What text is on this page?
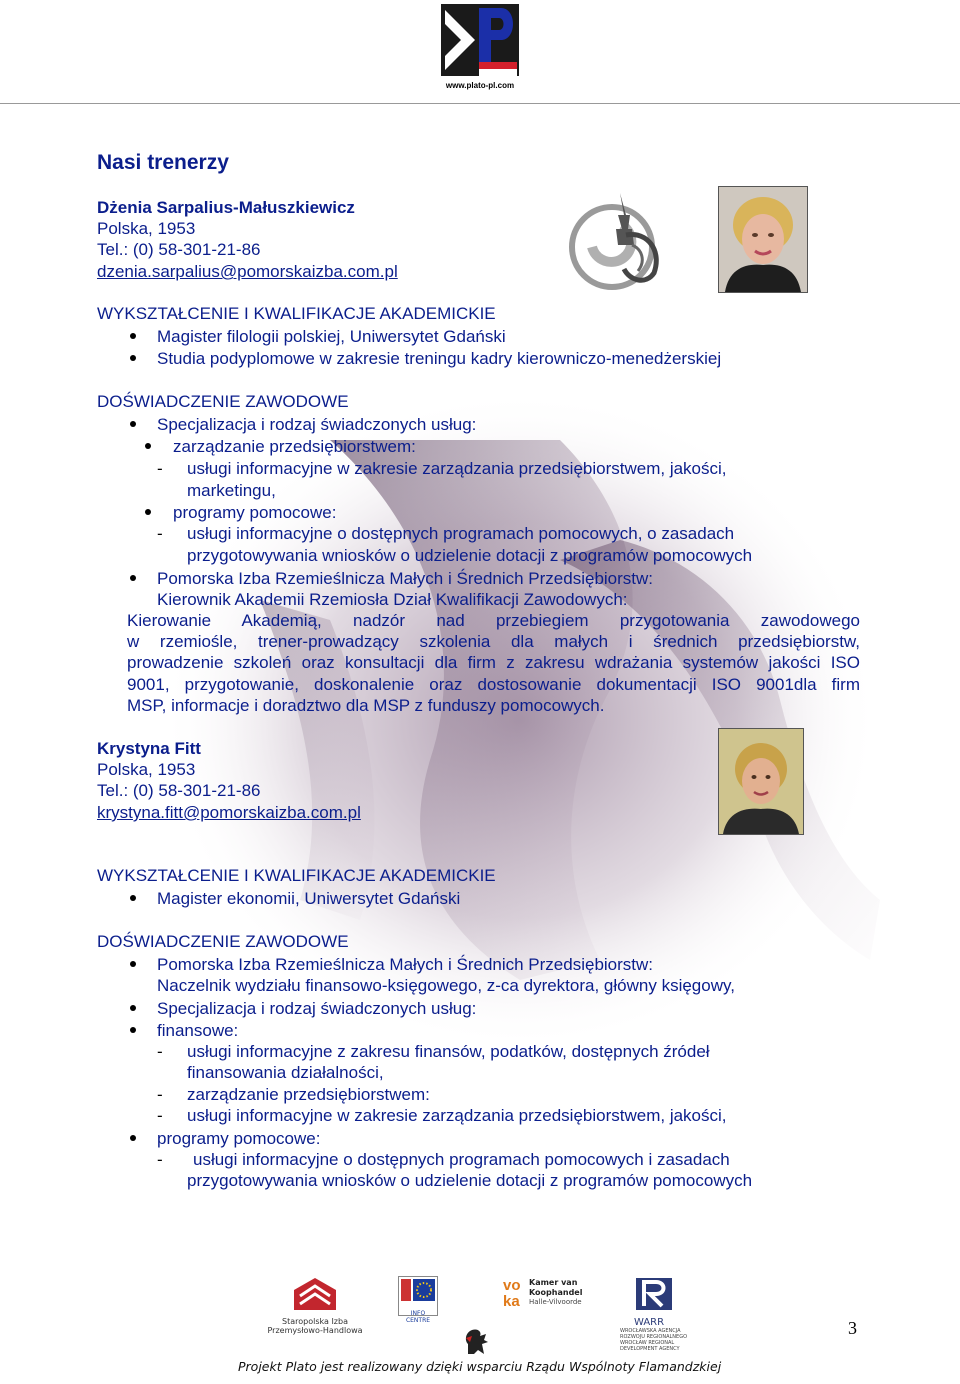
www.plato-pl.com
Nasi trenerzy
Dżenia Sarpalius-Małuszkiewicz
Polska, 1953
Tel.: (0) 58-301-21-86
dzenia.sarpalius@pomorskaizba.com.pl
WYKSZTAŁCENIE I KWALIFIKACJE AKADEMICKIE
Magister filologii polskiej, Uniwersytet Gdański
Studia podyplomowe w zakresie treningu kadry kierowniczo-menedżerskiej
DOŚWIADCZENIE ZAWODOWE
Specjalizacja i rodzaj świadczonych usług:
zarządzanie przedsiębiorstwem:
- usługi informacyjne w zakresie zarządzania przedsiębiorstwem, jakości,
marketingu,
programy pomocowe:
- usługi informacyjne o dostępnych programach pomocowych, o zasadach
przygotowywania wniosków o udzielenie dotacji z programów pomocowych
Pomorska Izba Rzemieślnicza Małych i Średnich Przedsiębiorstw:
Kierownik Akademii Rzemiosła Dział Kwalifikacji Zawodowych:
Kierowanie Akademią, nadzór nad przebiegiem przygotowania zawodowego
w rzemiośle, trener-prowadzący szkolenia dla małych i średnich przedsiębiorstw,
prowadzenie szkoleń oraz konsultacji dla firm z zakresu wdrażania systemów jakości ISO
9001, przygotowanie, doskonalenie oraz dostosowanie dokumentacji ISO 9001dla firm
MSP, informacje i doradztwo dla MSP z funduszy pomocowych.
Krystyna Fitt
Polska, 1953
Tel.: (0) 58-301-21-86
krystyna.fitt@pomorskaizba.com.pl
WYKSZTAŁCENIE I KWALIFIKACJE AKADEMICKIE
Magister ekonomii, Uniwersytet Gdański
DOŚWIADCZENIE ZAWODOWE
Pomorska Izba Rzemieślnicza Małych i Średnich Przedsiębiorstw:
Naczelnik wydziału finansowo-księgowego, z-ca dyrektora, główny księgowy,
Specjalizacja i rodzaj świadczonych usług:
finansowe:
- usługi informacyjne z zakresu finansów, podatków, dostępnych źródeł
finansowania działalności,
- zarządzanie przedsiębiorstwem:
- usługi informacyjne w zakresie zarządzania przedsiębiorstwem, jakości,
programy pomocowe:
- usługi informacyjne o dostępnych programach pomocowych i zasadach
przygotowywania wniosków o udzielenie dotacji z programów pomocowych
Staropolska Izba
Przemysłowo-Handlowa
INFO CENTRE
vo ka
Kamer van
Koophandel
Halle-Vilvoorde
WARR
WROCŁAWSKA AGENCJA
ROZWOJU REGIONALNEGO
WROCŁAW REGIONAL
DEVELOPMENT AGENCY
3
Projekt Plato jest realizowany dzięki wsparciu Rządu Wspólnoty Flamandzkiej
